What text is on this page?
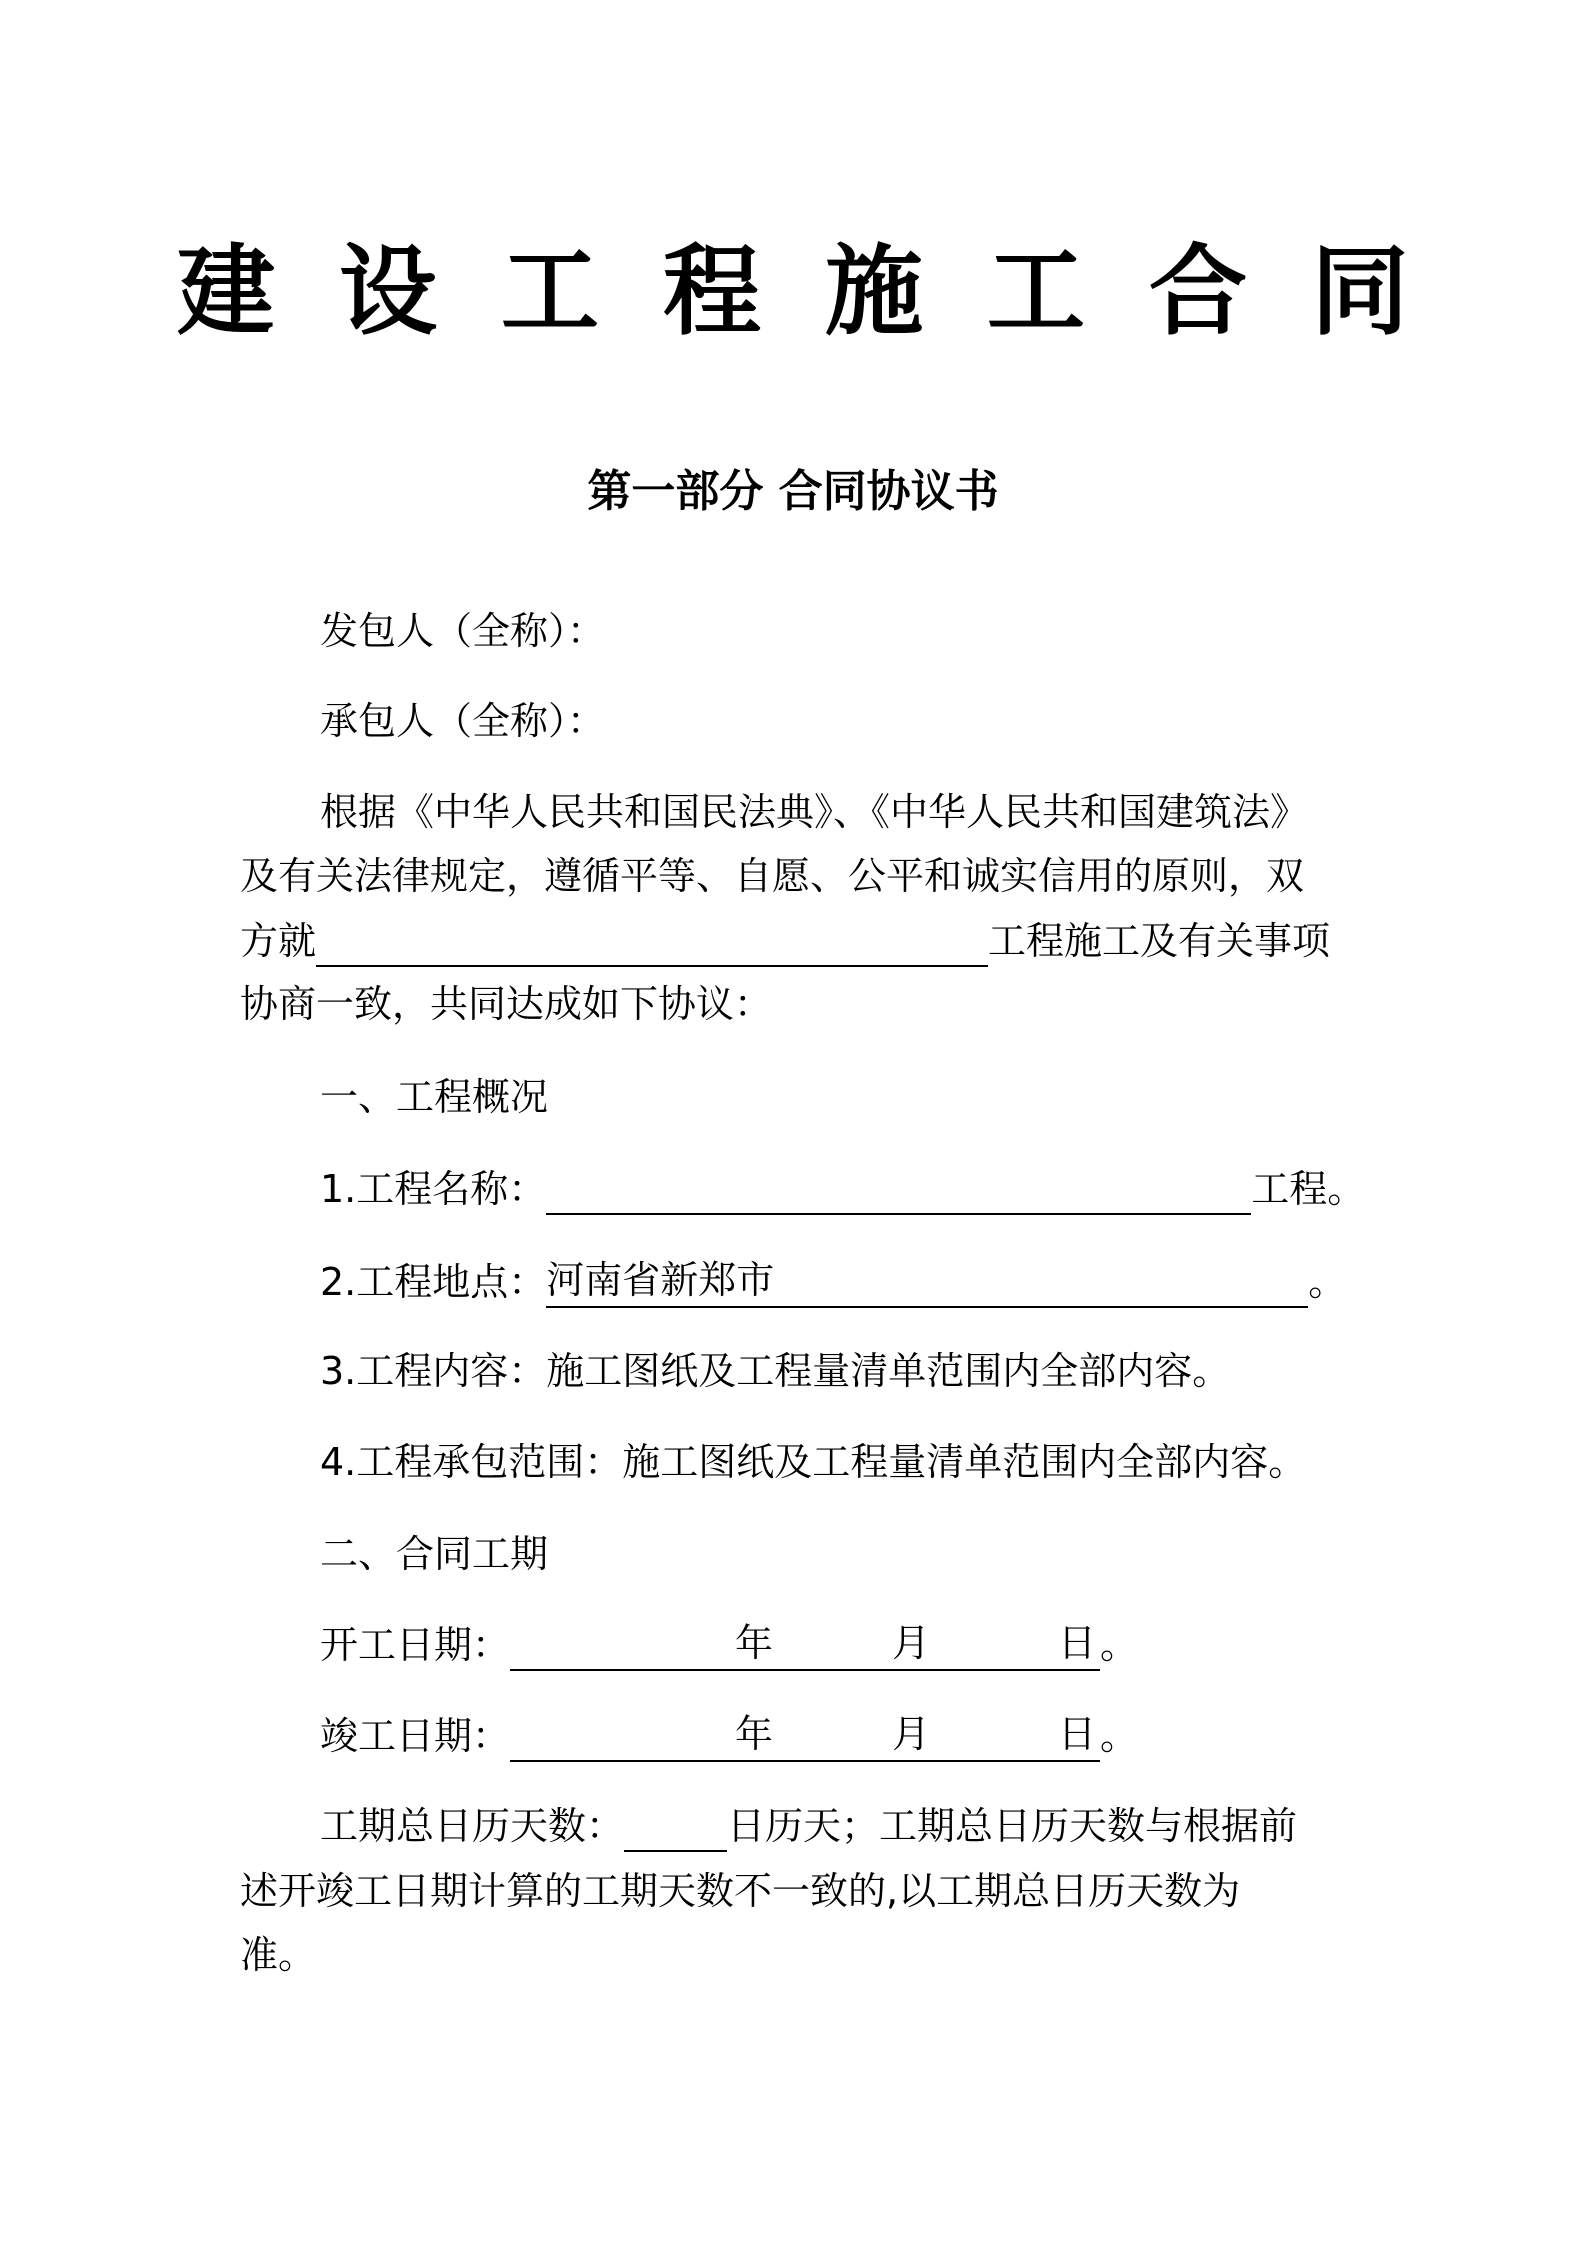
建设工程施工合同
第一部分 合同协议书
发包人（全称）：
承包人（全称）：
根据《中华人民共和国民法典》、《中华人民共和国建筑法》
及有关法律规定，遵循平等、自愿、公平和诚实信用的原则，双
方就	工程施工及有关事项
协商一致，共同达成如下协议：
一、工程概况
1.工程名称：	工程。
2.工程地点：河南省新郑市	。
3.工程内容：施工图纸及工程量清单范围内全部内容。
4.工程承包范围：施工图纸及工程量清单范围内全部内容。
二、合同工期
开工日期：	年	月	日 。
竣工日期：	年	月	日 。
工期总日历天数：	日历天；工期总日历天数与根据前
述开竣工日期计算的工期天数不一致的,以工期总日历天数为
准。
